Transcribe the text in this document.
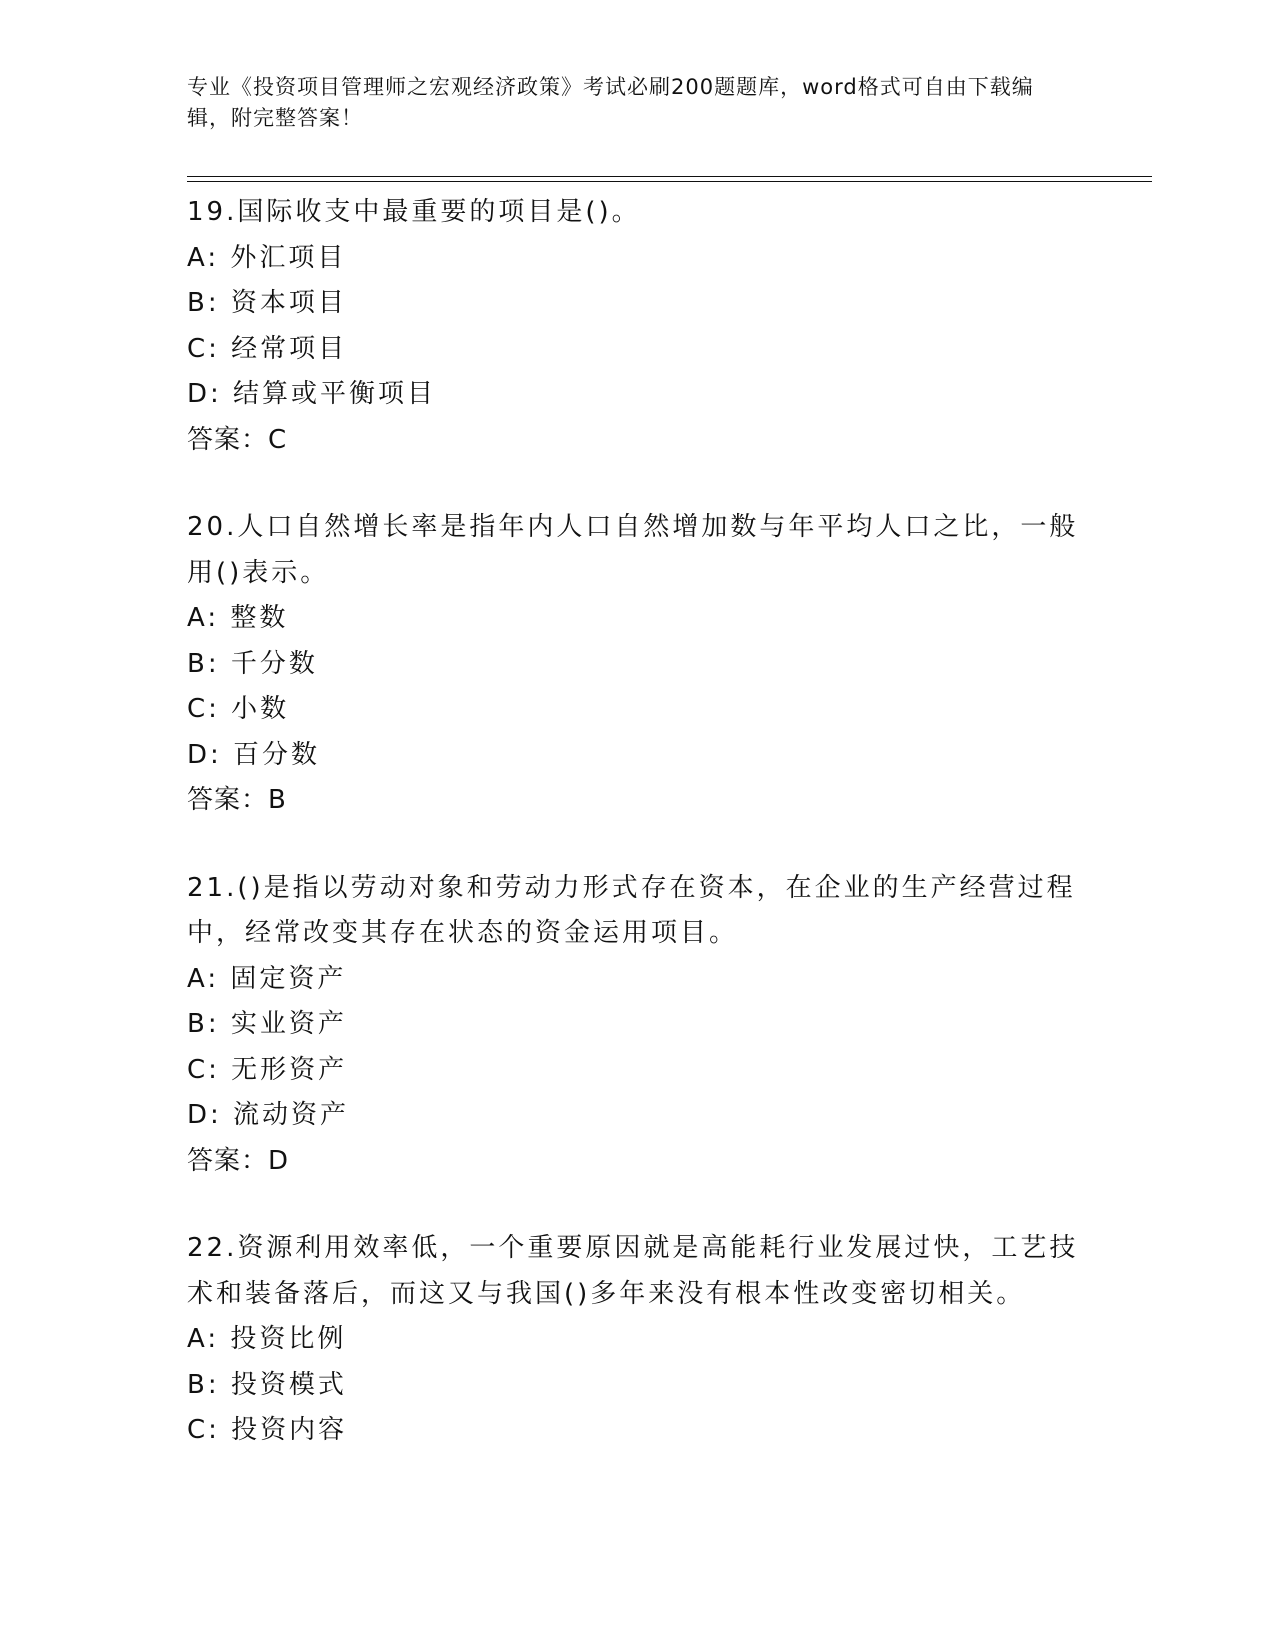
专业《投资项目管理师之宏观经济政策》考试必刷200题题库，word格式可自由下载编辑，附完整答案！
19.国际收支中最重要的项目是()。
A: 外汇项目
B: 资本项目
C: 经常项目
D: 结算或平衡项目
答案：C
20.人口自然增长率是指年内人口自然增加数与年平均人口之比，一般用()表示。
A: 整数
B: 千分数
C: 小数
D: 百分数
答案：B
21.()是指以劳动对象和劳动力形式存在资本，在企业的生产经营过程中，经常改变其存在状态的资金运用项目。
A: 固定资产
B: 实业资产
C: 无形资产
D: 流动资产
答案：D
22.资源利用效率低，一个重要原因就是高能耗行业发展过快，工艺技术和装备落后，而这又与我国()多年来没有根本性改变密切相关。
A: 投资比例
B: 投资模式
C: 投资内容
